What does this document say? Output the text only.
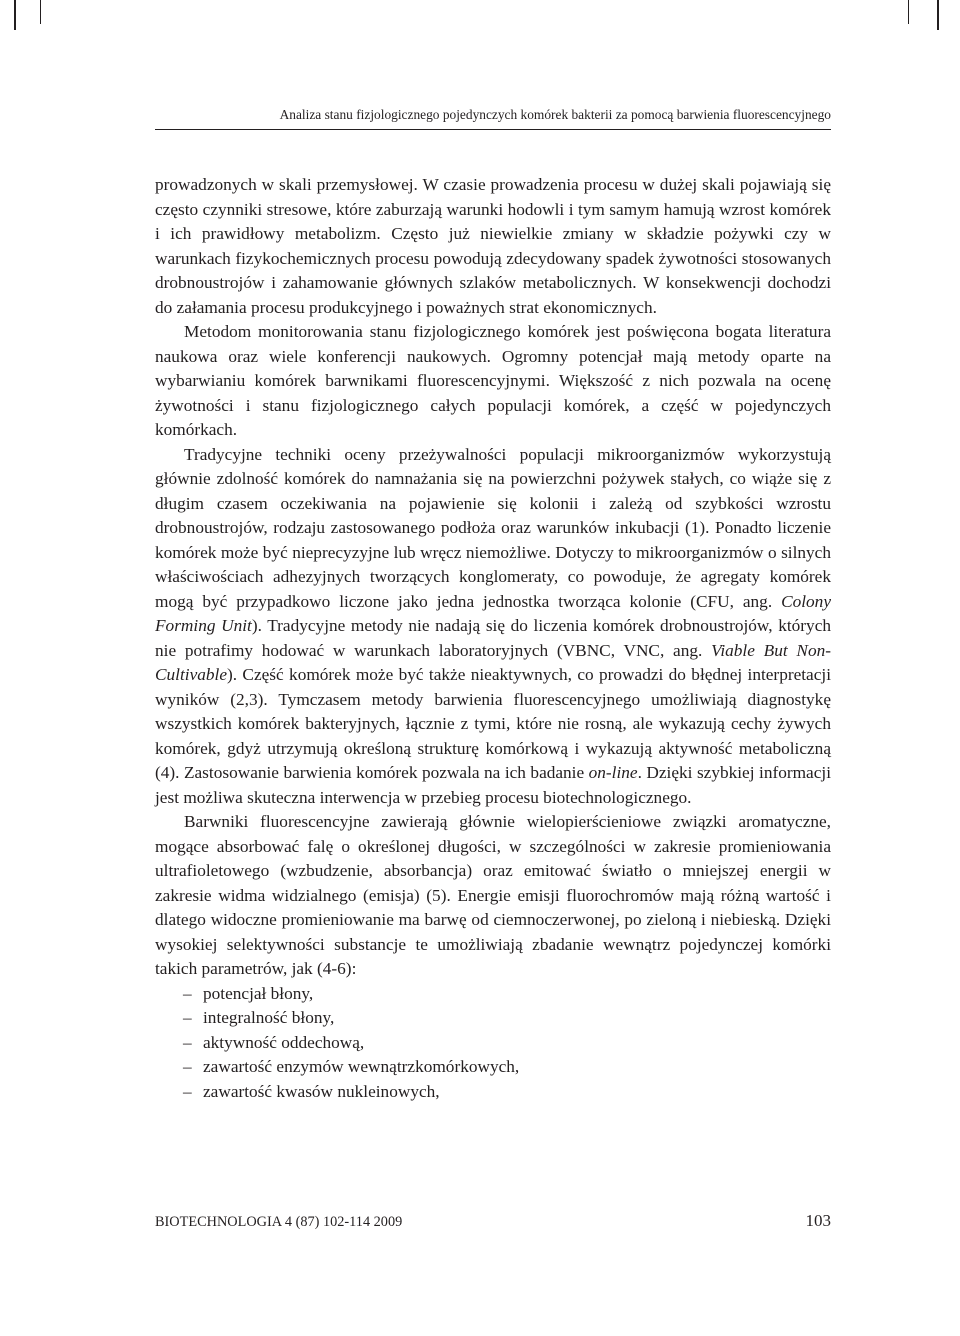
Analiza stanu fizjologicznego pojedynczych komórek bakterii za pomocą barwienia fluorescencyjnego

prowadzonych w skali przemysłowej. W czasie prowadzenia procesu w dużej skali pojawiają się często czynniki stresowe, które zaburzają warunki hodowli i tym samym hamują wzrost komórek i ich prawidłowy metabolizm. Często już niewielkie zmiany w składzie pożywki czy w warunkach fizykochemicznych procesu powodują zdecydowany spadek żywotności stosowanych drobnoustrojów i zahamowanie głównych szlaków metabolicznych. W konsekwencji dochodzi do załamania procesu produkcyjnego i poważnych strat ekonomicznych.

Metodom monitorowania stanu fizjologicznego komórek jest poświęcona bogata literatura naukowa oraz wiele konferencji naukowych. Ogromny potencjał mają metody oparte na wybarwianiu komórek barwnikami fluorescencyjnymi. Większość z nich pozwala na ocenę żywotności i stanu fizjologicznego całych populacji komórek, a część w pojedynczych komórkach.

Tradycyjne techniki oceny przeżywalności populacji mikroorganizmów wykorzystują głównie zdolność komórek do namnażania się na powierzchni pożywek stałych, co wiąże się z długim czasem oczekiwania na pojawienie się kolonii i zależą od szybkości wzrostu drobnoustrojów, rodzaju zastosowanego podłoża oraz warunków inkubacji (1). Ponadto liczenie komórek może być nieprecyzyjne lub wręcz niemożliwe. Dotyczy to mikroorganizmów o silnych właściwościach adhezyjnych tworzących konglomeraty, co powoduje, że agregaty komórek mogą być przypadkowo liczone jako jedna jednostka tworząca kolonie (CFU, ang. Colony Forming Unit). Tradycyjne metody nie nadają się do liczenia komórek drobnoustrojów, których nie potrafimy hodować w warunkach laboratoryjnych (VBNC, VNC, ang. Viable But Non-Cultivable). Część komórek może być także nieaktywnych, co prowadzi do błędnej interpretacji wyników (2,3). Tymczasem metody barwienia fluorescencyjnego umożliwiają diagnostykę wszystkich komórek bakteryjnych, łącznie z tymi, które nie rosną, ale wykazują cechy żywych komórek, gdyż utrzymują określoną strukturę komórkową i wykazują aktywność metaboliczną (4). Zastosowanie barwienia komórek pozwala na ich badanie on-line. Dzięki szybkiej informacji jest możliwa skuteczna interwencja w przebieg procesu biotechnologicznego.

Barwniki fluorescencyjne zawierają głównie wielopierścieniowe związki aromatyczne, mogące absorbować falę o określonej długości, w szczególności w zakresie promieniowania ultrafioletowego (wzbudzenie, absorbancja) oraz emitować światło o mniejszej energii w zakresie widma widzialnego (emisja) (5). Energie emisji fluorochromów mają różną wartość i dlatego widoczne promieniowanie ma barwę od ciemnoczerwonej, po zieloną i niebieską. Dzięki wysokiej selektywności substancje te umożliwiają zbadanie wewnątrz pojedynczej komórki takich parametrów, jak (4-6):

– potencjał błony,
– integralność błony,
– aktywność oddechową,
– zawartość enzymów wewnątrzkomórkowych,
– zawartość kwasów nukleinowych,
BIOTECHNOLOGIA 4 (87) 102-114 2009	103
